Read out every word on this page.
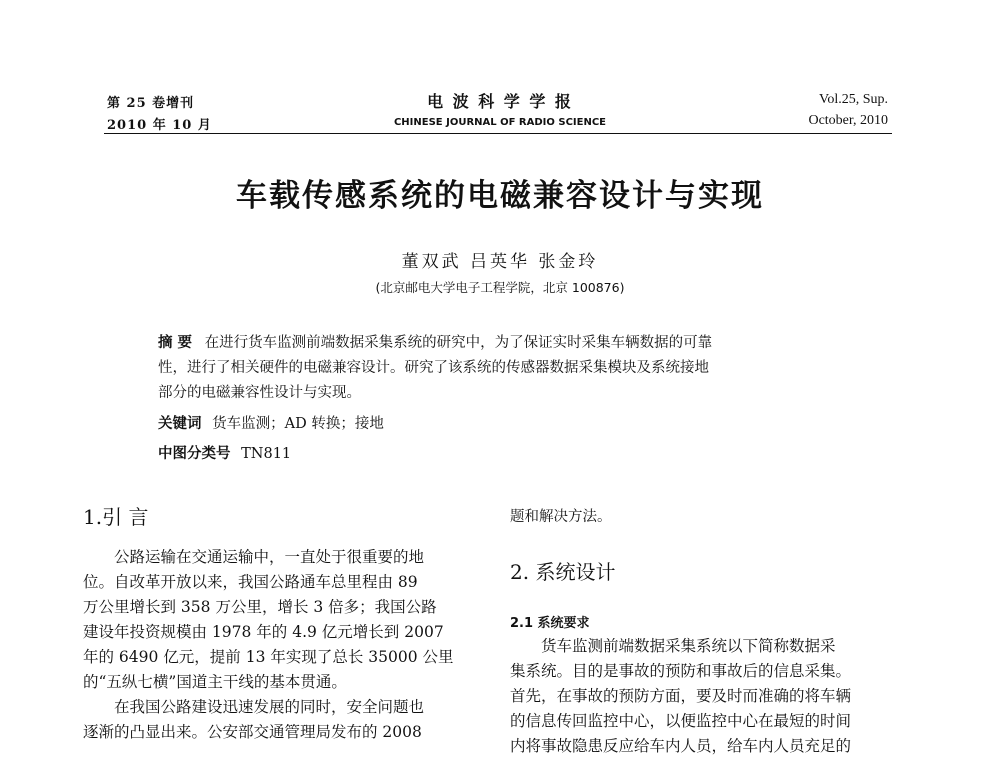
第 25 卷增刊
2010 年 10 月
电 波 科 学 学 报
CHINESE JOURNAL OF RADIO SCIENCE
Vol.25, Sup.
October, 2010
车载传感系统的电磁兼容设计与实现
董双武 吕英华 张金玲
(北京邮电大学电子工程学院，北京 100876)
摘 要 在进行货车监测前端数据采集系统的研究中，为了保证实时采集车辆数据的可靠
性，进行了相关硬件的电磁兼容设计。研究了该系统的传感器数据采集模块及系统接地
部分的电磁兼容性设计与实现。
关键词 货车监测；AD 转换；接地
中图分类号 TN811
1.引 言
公路运输在交通运输中，一直处于很重要的地
位。自改革开放以来，我国公路通车总里程由 89
万公里增长到 358 万公里，增长 3 倍多；我国公路
建设年投资规模由 1978 年的 4.9 亿元增长到 2007
年的 6490 亿元，提前 13 年实现了总长 35000 公里
的“五纵七横”国道主干线的基本贯通。
在我国公路建设迅速发展的同时，安全问题也
逐渐的凸显出来。公安部交通管理局发布的 2008
题和解决方法。
2. 系统设计
2.1 系统要求
货车监测前端数据采集系统以下简称数据采
集系统。目的是事故的预防和事故后的信息采集。
首先，在事故的预防方面，要及时而准确的将车辆
的信息传回监控中心，以便监控中心在最短的时间
内将事故隐患反应给车内人员，给车内人员充足的
